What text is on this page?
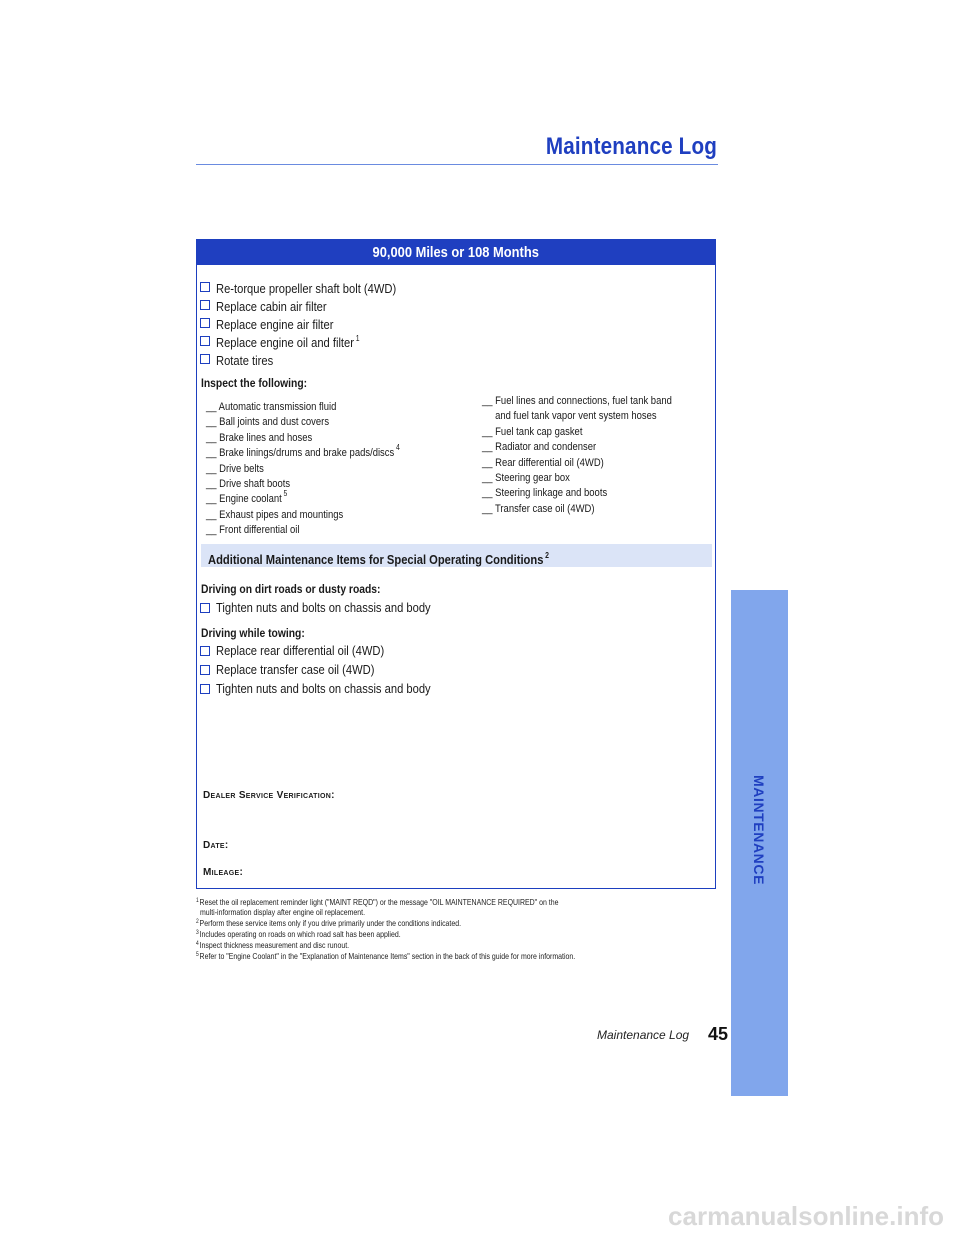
Maintenance Log
90,000 Miles or 108 Months
Re-torque propeller shaft bolt (4WD)
Replace cabin air filter
Replace engine air filter
Replace engine oil and filter $^1$
Rotate tires
Inspect the following:
__ Automatic transmission fluid
__ Ball joints and dust covers
__ Brake lines and hoses
__ Brake linings/drums and brake pads/discs $^4$
__ Drive belts
__ Drive shaft boots
__ Engine coolant $^5$
__ Exhaust pipes and mountings
__ Front differential oil
__ Fuel lines and connections, fuel tank band
and fuel tank vapor vent system hoses
__ Fuel tank cap gasket
__ Radiator and condenser
__ Rear differential oil (4WD)
__ Steering gear box
__ Steering linkage and boots
__ Transfer case oil (4WD)
Additional Maintenance Items for Special Operating Conditions $^2$
Driving on dirt roads or dusty roads:
Tighten nuts and bolts on chassis and body
Driving while towing:
Replace rear differential oil (4WD)
Replace transfer case oil (4WD)
Tighten nuts and bolts on chassis and body
Dealer Service Verification:
Date:
Mileage:
$^1$Reset the oil replacement reminder light ("MAINT REQD") or the message "OIL MAINTENANCE REQUIRED" on the
multi-information display after engine oil replacement.
$^2$Perform these service items only if you drive primarily under the conditions indicated.
$^3$Includes operating on roads on which road salt has been applied.
$^4$Inspect thickness measurement and disc runout.
$^5$Refer to "Engine Coolant" in the "Explanation of Maintenance Items" section in the back of this guide for more information.
Maintenance Log 45
MAINTENANCE
carmanualsonline.info
